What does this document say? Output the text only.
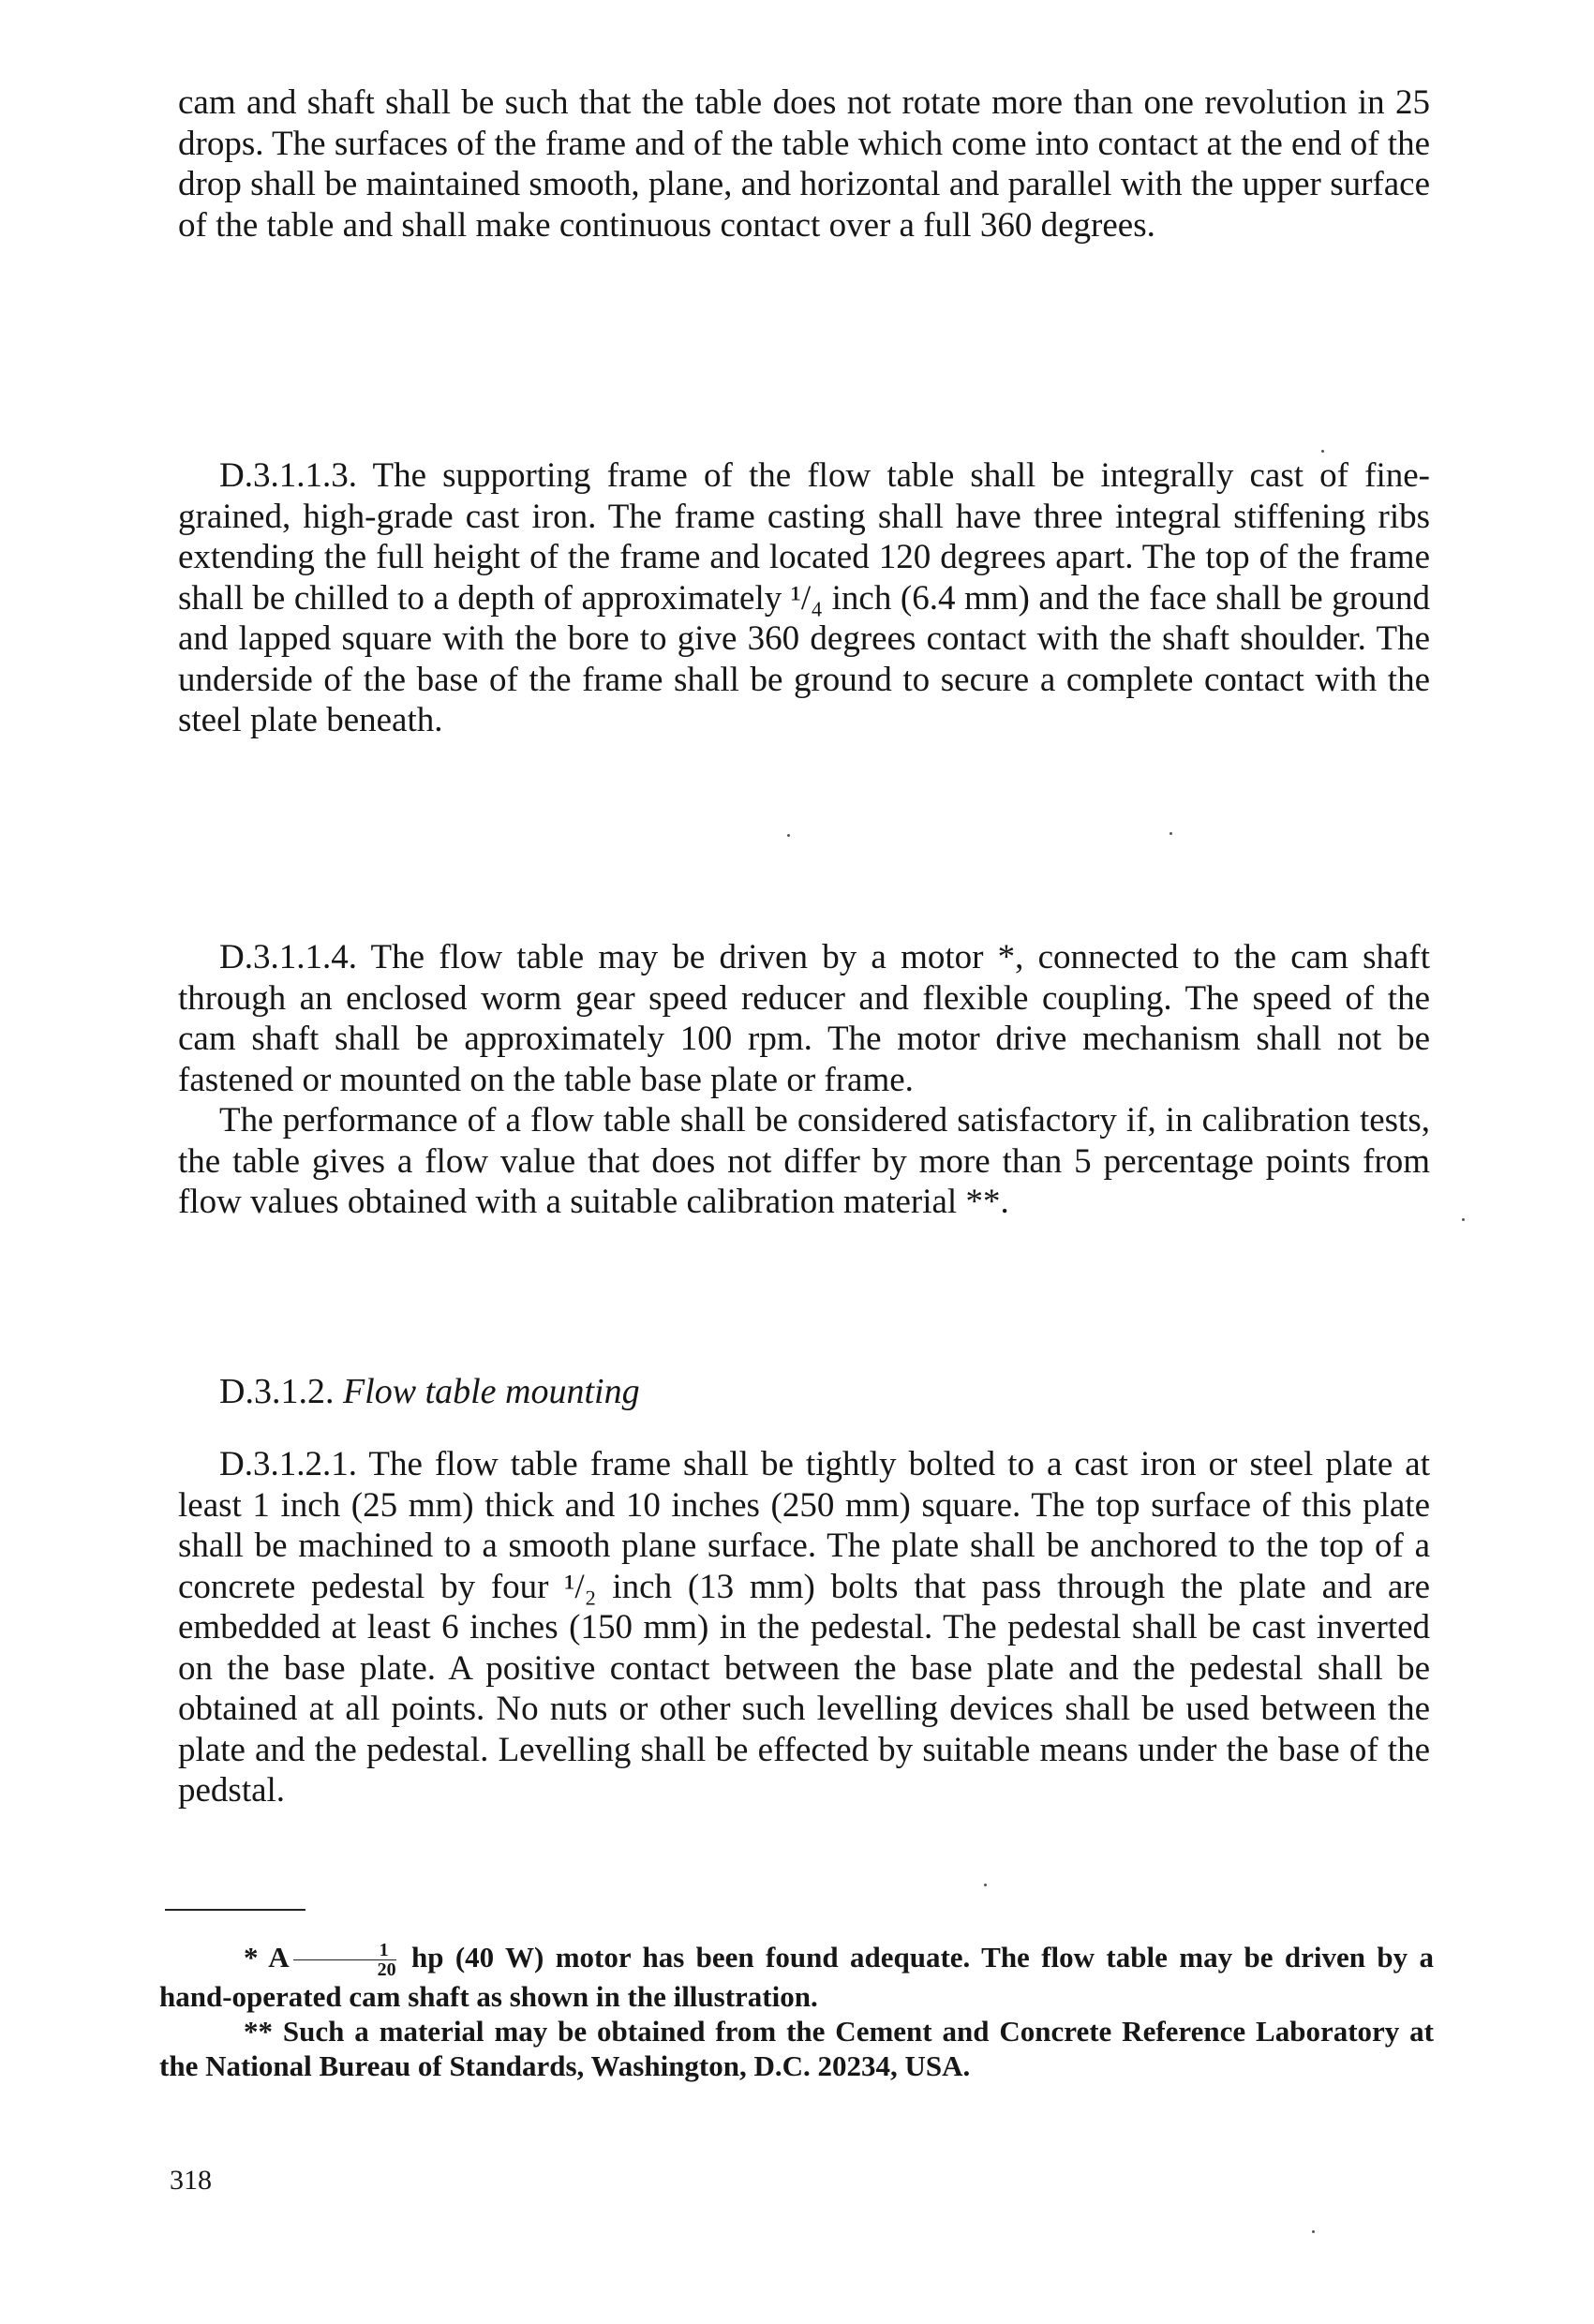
cam and shaft shall be such that the table does not rotate more than one revolution in 25 drops. The surfaces of the frame and of the table which come into contact at the end of the drop shall be maintained smooth, plane, and horizontal and parallel with the upper surface of the table and shall make continuous contact over a full 360 degrees.

D.3.1.1.3. The supporting frame of the flow table shall be integrally cast of fine-grained, high-grade cast iron. The frame casting shall have three integral stiffening ribs extending the full height of the frame and located 120 degrees apart. The top of the frame shall be chilled to a depth of approximately ¹/₄ inch (6.4 mm) and the face shall be ground and lapped square with the bore to give 360 degrees contact with the shaft shoulder. The underside of the base of the frame shall be ground to secure a complete contact with the steel plate beneath.

D.3.1.1.4. The flow table may be driven by a motor *, connected to the cam shaft through an enclosed worm gear speed reducer and flexible coupling. The speed of the cam shaft shall be approximately 100 rpm. The motor drive mechanism shall not be fastened or mounted on the table base plate or frame.

The performance of a flow table shall be considered satisfactory if, in calibration tests, the table gives a flow value that does not differ by more than 5 percentage points from flow values obtained with a suitable calibration material **.

D.3.1.2. Flow table mounting

D.3.1.2.1. The flow table frame shall be tightly bolted to a cast iron or steel plate at least 1 inch (25 mm) thick and 10 inches (250 mm) square. The top surface of this plate shall be machined to a smooth plane surface. The plate shall be anchored to the top of a concrete pedestal by four ¹/₂ inch (13 mm) bolts that pass through the plate and are embedded at least 6 inches (150 mm) in the pedestal. The pedestal shall be cast inverted on the base plate. A positive contact between the base plate and the pedestal shall be obtained at all points. No nuts or other such levelling devices shall be used between the plate and the pedestal. Levelling shall be effected by suitable means under the base of the pedstal.

* A $\frac{1}{20}$ hp (40 W) motor has been found adequate. The flow table may be driven by a hand-operated cam shaft as shown in the illustration.

** Such a material may be obtained from the Cement and Concrete Reference Laboratory at the National Bureau of Standards, Washington, D.C. 20234, USA.

318
